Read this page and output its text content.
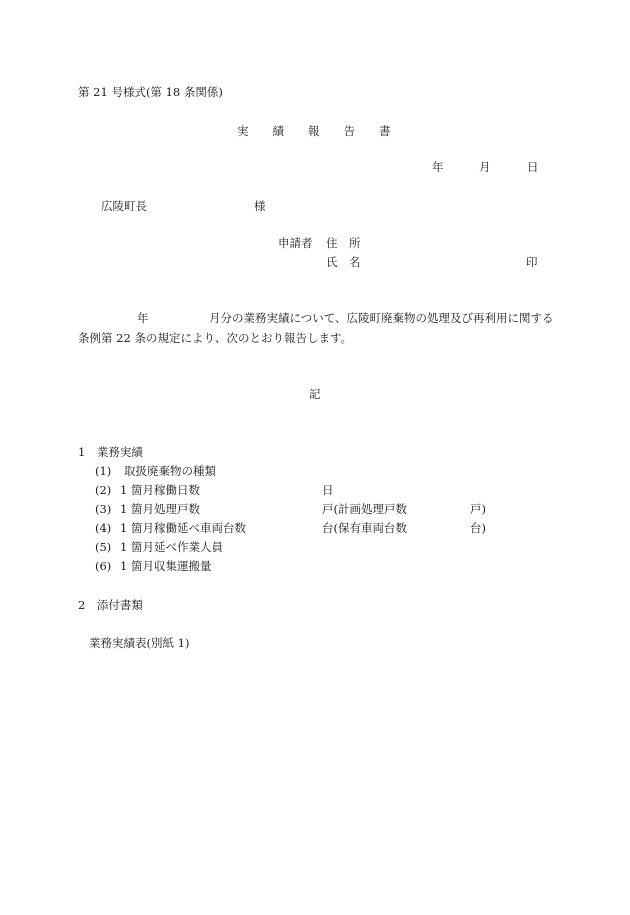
第 21 号様式(第 18 条関係)
実 績 報 告 書
年	月	日
広陵町長	様
申請者 住　所
氏　名	印
年	月分の業務実績について、広陵町廃棄物の処理及び再利用に関する
条例第 22 条の規定により、次のとおり報告します。
記
1　業務実績
(1) 取扱廃棄物の種類
(2) 1 箇月稼働日数	日
(3) 1 箇月処理戸数	戸(計画処理戸数	戸)
(4) 1 箇月稼働延べ車両台数	台(保有車両台数	台)
(5) 1 箇月延べ作業人員
(6) 1 箇月収集運搬量
2　添付書類
業務実績表(別紙 1)
